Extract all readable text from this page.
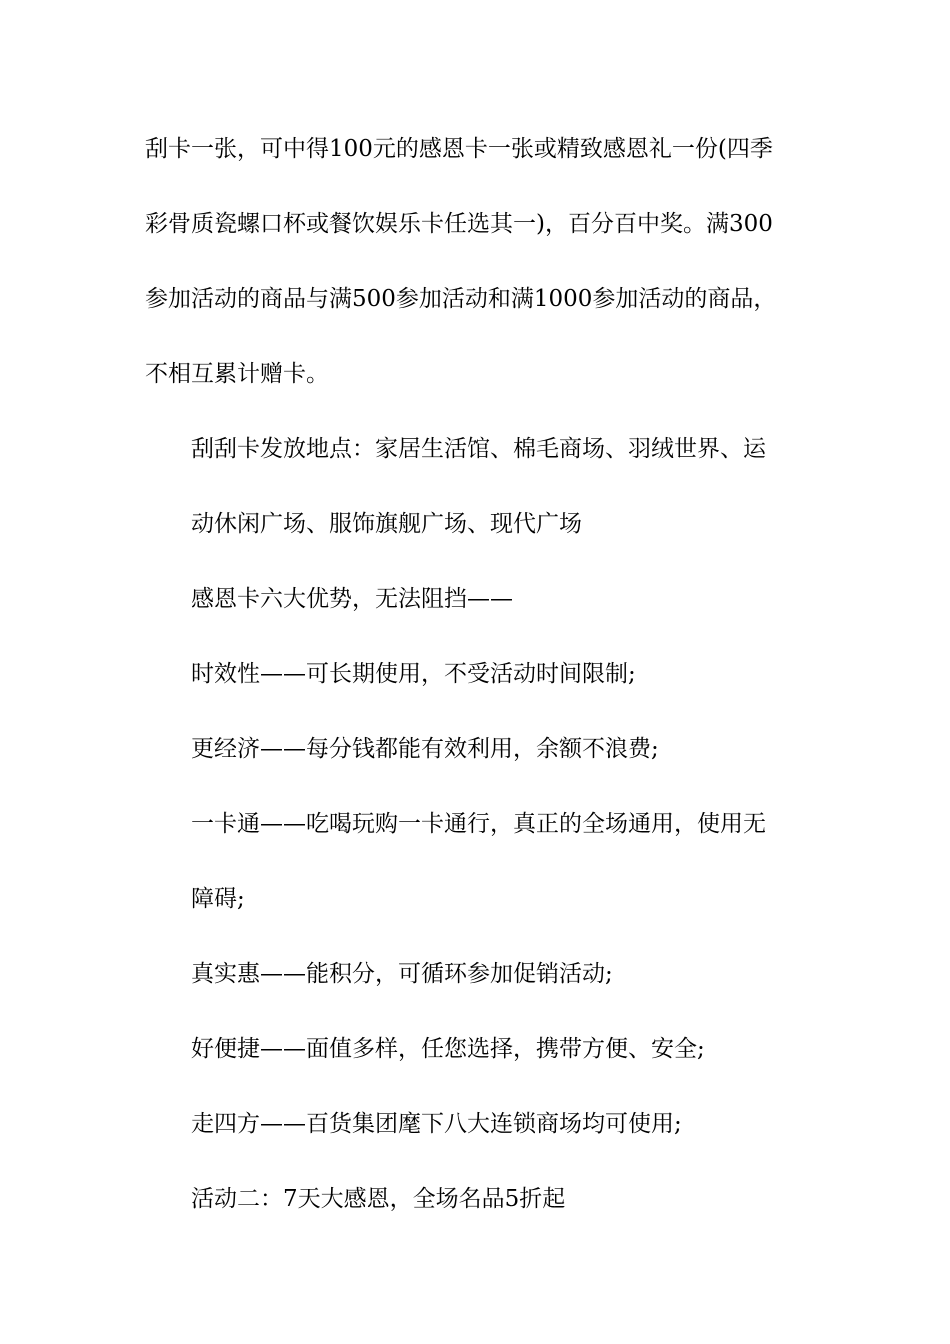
刮卡一张，可中得100元的感恩卡一张或精致感恩礼一份(四季
彩骨质瓷螺口杯或餐饮娱乐卡任选其一)，百分百中奖。满300
参加活动的商品与满500参加活动和满1000参加活动的商品，
不相互累计赠卡。

刮刮卡发放地点：家居生活馆、棉毛商场、羽绒世界、运
动休闲广场、服饰旗舰广场、现代广场

感恩卡六大优势，无法阻挡——

时效性——可长期使用，不受活动时间限制;

更经济——每分钱都能有效利用，余额不浪费;

一卡通——吃喝玩购一卡通行，真正的全场通用，使用无
障碍;

真实惠——能积分，可循环参加促销活动;

好便捷——面值多样，任您选择，携带方便、安全;

走四方——百货集团麾下八大连锁商场均可使用;

活动二：7天大感恩，全场名品5折起
